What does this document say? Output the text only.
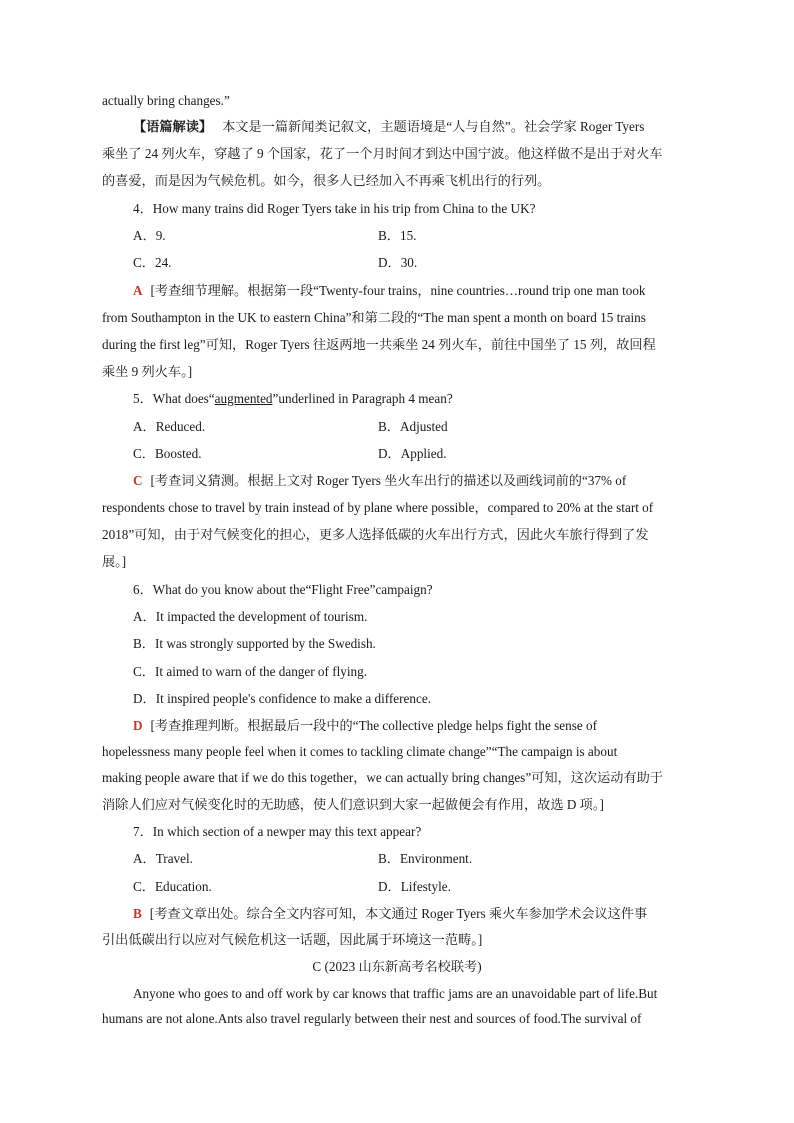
actually bring changes.”
【语篇解读】 本文是一篇新闻类记叙文，主题语境是“人与自然”。社会学家 Roger Tyers
乘坐了 24 列火车，穿越了 9 个国家，花了一个月时间才到达中国宁波。他这样做不是出于对火车
的喜爱，而是因为气候危机。如今，很多人已经加入不再乘飞机出行的行列。
4．How many trains did Roger Tyers take in his trip from China to the UK?
A．9.	B．15.
C．24.	D．30.
A [考查细节理解。根据第一段“Twenty-four trains，nine countries…round trip one man took
from Southampton in the UK to eastern China”和第二段的“The man spent a month on board 15 trains
during the first leg”可知，Roger Tyers 往返两地一共乘坐 24 列火车，前往中国坐了 15 列，故回程
乘坐 9 列火车。]
5．What does“augmented”underlined in Paragraph 4 mean?
A．Reduced.	B．Adjusted
C．Boosted.	D．Applied.
C [考查词义猜测。根据上文对 Roger Tyers 坐火车出行的描述以及画线词前的“37% of
respondents chose to travel by train instead of by plane where possible，compared to 20% at the start of
2018”可知，由于对气候变化的担心，更多人选择低碳的火车出行方式，因此火车旅行得到了发
展。]
6．What do you know about the“Flight Free”campaign?
A．It impacted the development of tourism.
B．It was strongly supported by the Swedish.
C．It aimed to warn of the danger of flying.
D．It inspired people's confidence to make a difference.
D [考查推理判断。根据最后一段中的“The collective pledge helps fight the sense of
hopelessness many people feel when it comes to tackling climate change”“The campaign is about
making people aware that if we do this together，we can actually bring changes”可知，这次运动有助于
消除人们应对气候变化时的无助感，使人们意识到大家一起做便会有作用，故选 D 项。]
7．In which section of a newper may this text appear?
A．Travel.	B．Environment.
C．Education.	D．Lifestyle.
B [考查文章出处。综合全文内容可知，本文通过 Roger Tyers 乘火车参加学术会议这件事
引出低碳出行以应对气候危机这一话题，因此属于环境这一范畴。]
C (2023 山东新高考名校联考)
Anyone who goes to and off work by car knows that traffic jams are an unavoidable part of life.But
humans are not alone.Ants also travel regularly between their nest and sources of food.The survival of
